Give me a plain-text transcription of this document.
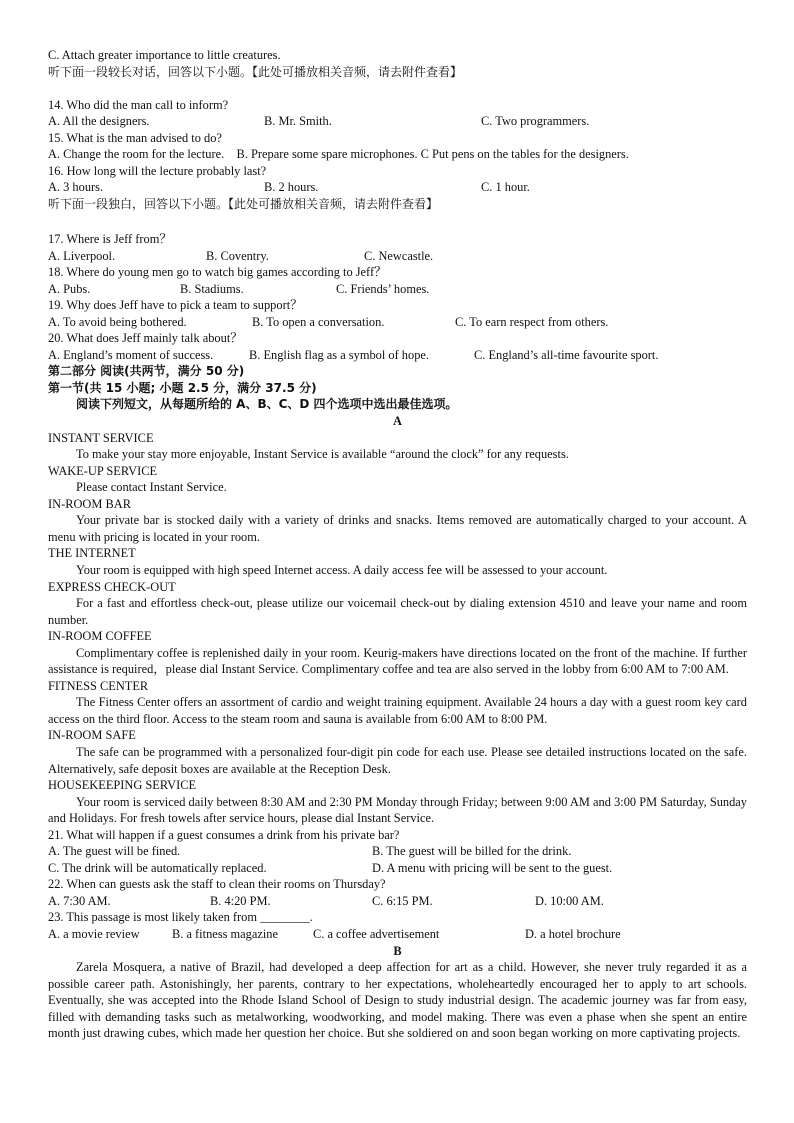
C. Attach greater importance to little creatures.
听下面一段较长对话，回答以下小题。【此处可播放相关音频，请去附件查看】
14. Who did the man call to inform?
A. All the designers.	B. Mr. Smith.	C. Two programmers.
15. What is the man advised to do?
A. Change the room for the lecture.    B. Prepare some spare microphones. C Put pens on the tables for the designers.
16. How long will the lecture probably last?
A. 3 hours.	B. 2 hours.	C. 1 hour.
听下面一段独白，回答以下小题。【此处可播放相关音频，请去附件查看】
17. Where is Jeff from？
A. Liverpool.	B. Coventry.	C. Newcastle.
18. Where do young men go to watch big games according to Jeff？
A. Pubs.	B. Stadiums.	C. Friends’ homes.
19. Why does Jeff have to pick a team to support？
A. To avoid being bothered.	B. To open a conversation.	C. To earn respect from others.
20. What does Jeff mainly talk about？
A. England’s moment of success.	B. English flag as a symbol of hope.	C. England’s all-time favourite sport.
第二部分 阅读(共两节，满分 50 分)
第一节(共 15 小题; 小题 2.5 分，满分 37.5 分)
阅读下列短文，从每题所给的 A、B、C、D 四个选项中选出最佳选项。
A
INSTANT SERVICE
To make your stay more enjoyable, Instant Service is available “around the clock” for any requests.
WAKE-UP SERVICE
Please contact Instant Service.
IN-ROOM BAR
Your private bar is stocked daily with a variety of drinks and snacks. Items removed are automatically charged to your account. A menu with pricing is located in your room.
THE INTERNET
Your room is equipped with high speed Internet access. A daily access fee will be assessed to your account.
EXPRESS CHECK-OUT
For a fast and effortless check-out, please utilize our voicemail check-out by dialing extension 4510 and leave your name and room number.
IN-ROOM COFFEE
Complimentary coffee is replenished daily in your room. Keurig-makers have directions located on the front of the machine. If further assistance is required，please dial Instant Service. Complimentary coffee and tea are also served in the lobby from 6:00 AM to 7:00 AM.
FITNESS CENTER
The Fitness Center offers an assortment of cardio and weight training equipment. Available 24 hours a day with a guest room key card access on the third floor. Access to the steam room and sauna is available from 6:00 AM to 8:00 PM.
IN-ROOM SAFE
The safe can be programmed with a personalized four-digit pin code for each use. Please see detailed instructions located on the safe. Alternatively, safe deposit boxes are available at the Reception Desk.
HOUSEKEEPING SERVICE
Your room is serviced daily between 8:30 AM and 2:30 PM Monday through Friday; between 9:00 AM and 3:00 PM Saturday, Sunday and Holidays. For fresh towels after service hours, please dial Instant Service.
21. What will happen if a guest consumes a drink from his private bar?
A. The guest will be fined.	B. The guest will be billed for the drink.
C. The drink will be automatically replaced.	D. A menu with pricing will be sent to the guest.
22. When can guests ask the staff to clean their rooms on Thursday?
A. 7:30 AM.	B. 4:20 PM.	C. 6:15 PM.	D. 10:00 AM.
23. This passage is most likely taken from ________.
A. a movie review	B. a fitness magazine	C. a coffee advertisement	D. a hotel brochure
B
Zarela Mosquera, a native of Brazil, had developed a deep affection for art as a child. However, she never truly regarded it as a possible career path. Astonishingly, her parents, contrary to her expectations, wholeheartedly encouraged her to apply to art schools. Eventually, she was accepted into the Rhode Island School of Design to study industrial design. The academic journey was far from easy, filled with demanding tasks such as metalworking, woodworking, and model making. There was even a phase when she spent an entire month just drawing cubes, which made her question her choice. But she soldiered on and soon began working on more captivating projects.
